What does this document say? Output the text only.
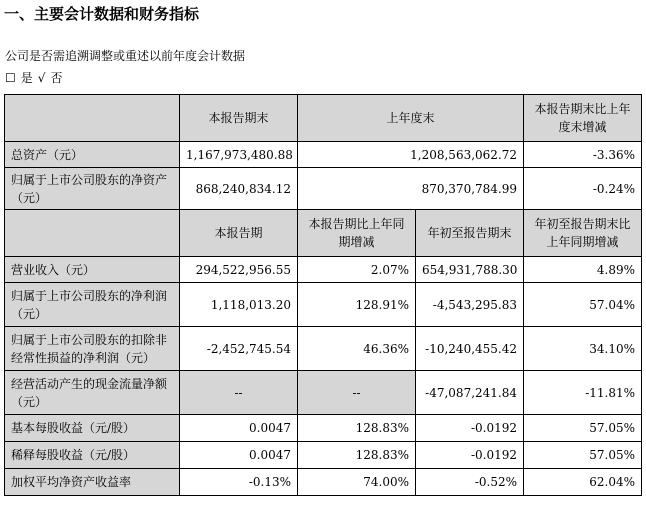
一、主要会计数据和财务指标
公司是否需追溯调整或重述以前年度会计数据
☐ 是 √ 否
	本报告期末	上年度末		本报告期末比上年度末增减
总资产（元）	1,167,973,480.88	1,208,563,062.72		-3.36%
归属于上市公司股东的净资产（元）	868,240,834.12	870,370,784.99		-0.24%
	本报告期	本报告期比上年同期增减	年初至报告期末	年初至报告期末比上年同期增减
营业收入（元）	294,522,956.55	2.07%	654,931,788.30	4.89%
归属于上市公司股东的净利润（元）	1,118,013.20	128.91%	-4,543,295.83	57.04%
归属于上市公司股东的扣除非经常性损益的净利润（元）	-2,452,745.54	46.36%	-10,240,455.42	34.10%
经营活动产生的现金流量净额（元）	--	--	-47,087,241.84	-11.81%
基本每股收益（元/股）	0.0047	128.83%	-0.0192	57.05%
稀释每股收益（元/股）	0.0047	128.83%	-0.0192	57.05%
加权平均净资产收益率	-0.13%	74.00%	-0.52%	62.04%
